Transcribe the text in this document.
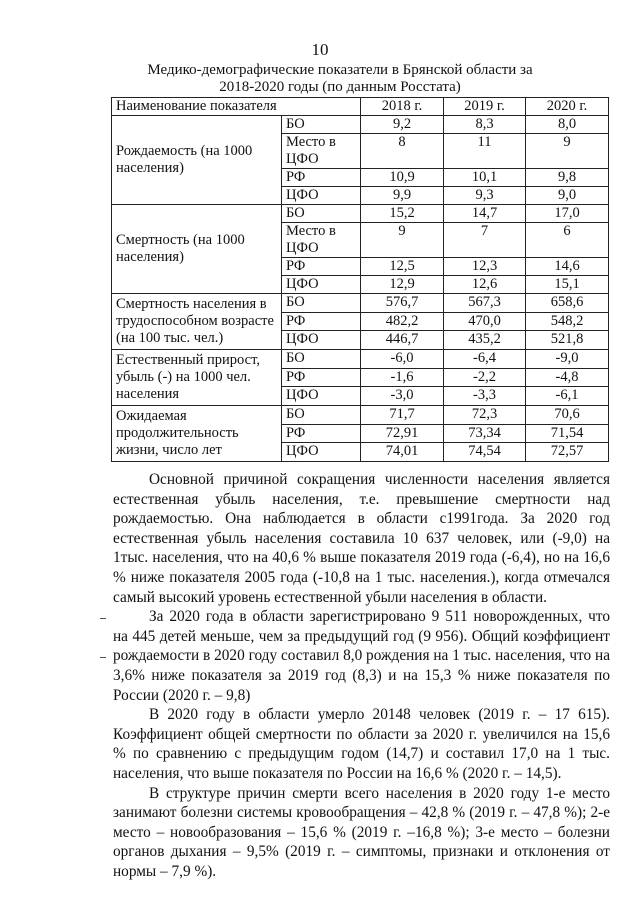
10
Медико-демографические показатели в Брянской области за 2018-2020 годы (по данным Росстата)
Наименование показателя		2018 г.	2019 г.	2020 г.
Рождаемость (на 1000 населения)	БО	9,2	8,3	8,0
	Место в ЦФО	8	11	9
	РФ	10,9	10,1	9,8
	ЦФО	9,9	9,3	9,0
Смертность (на 1000 населения)	БО	15,2	14,7	17,0
	Место в ЦФО	9	7	6
	РФ	12,5	12,3	14,6
	ЦФО	12,9	12,6	15,1
Смертность населения в трудоспособном возрасте (на 100 тыс. чел.)	БО	576,7	567,3	658,6
	РФ	482,2	470,0	548,2
	ЦФО	446,7	435,2	521,8
Естественный прирост, убыль (-) на 1000 чел. населения	БО	-6,0	-6,4	-9,0
	РФ	-1,6	-2,2	-4,8
	ЦФО	-3,0	-3,3	-6,1
Ожидаемая продолжительность жизни, число лет	БО	71,7	72,3	70,6
	РФ	72,91	73,34	71,54
	ЦФО	74,01	74,54	72,57

Основной причиной сокращения численности населения является естественная убыль населения, т.е. превышение смертности над рождаемостью. Она наблюдается в области с1991года. За 2020 год естественная убыль населения составила 10 637 человек, или (-9,0) на 1тыс. населения, что на 40,6 % выше показателя 2019 года (-6,4), но на 16,6 % ниже показателя 2005 года (-10,8 на 1 тыс. населения.), когда отмечался самый высокий уровень естественной убыли населения в области.

За 2020 года в области зарегистрировано 9 511 новорожденных, что на 445 детей меньше, чем за предыдущий год (9 956). Общий коэффициент рождаемости в 2020 году составил 8,0 рождения на 1 тыс. населения, что на 3,6% ниже показателя за 2019 год (8,3) и на 15,3 % ниже показателя по России (2020 г. – 9,8)

В 2020 году в области умерло 20148 человек (2019 г. – 17 615). Коэффициент общей смертности по области за 2020 г. увеличился на 15,6 % по сравнению с предыдущим годом (14,7) и составил 17,0 на 1 тыс. населения, что выше показателя по России на 16,6 % (2020 г. – 14,5).

В структуре причин смерти всего населения в 2020 году 1-е место занимают болезни системы кровообращения – 42,8 % (2019 г. – 47,8 %); 2-е место – новообразования – 15,6 % (2019 г. –16,8 %); 3-е место – болезни органов дыхания – 9,5% (2019 г. – симптомы, признаки и отклонения от нормы – 7,9 %).
